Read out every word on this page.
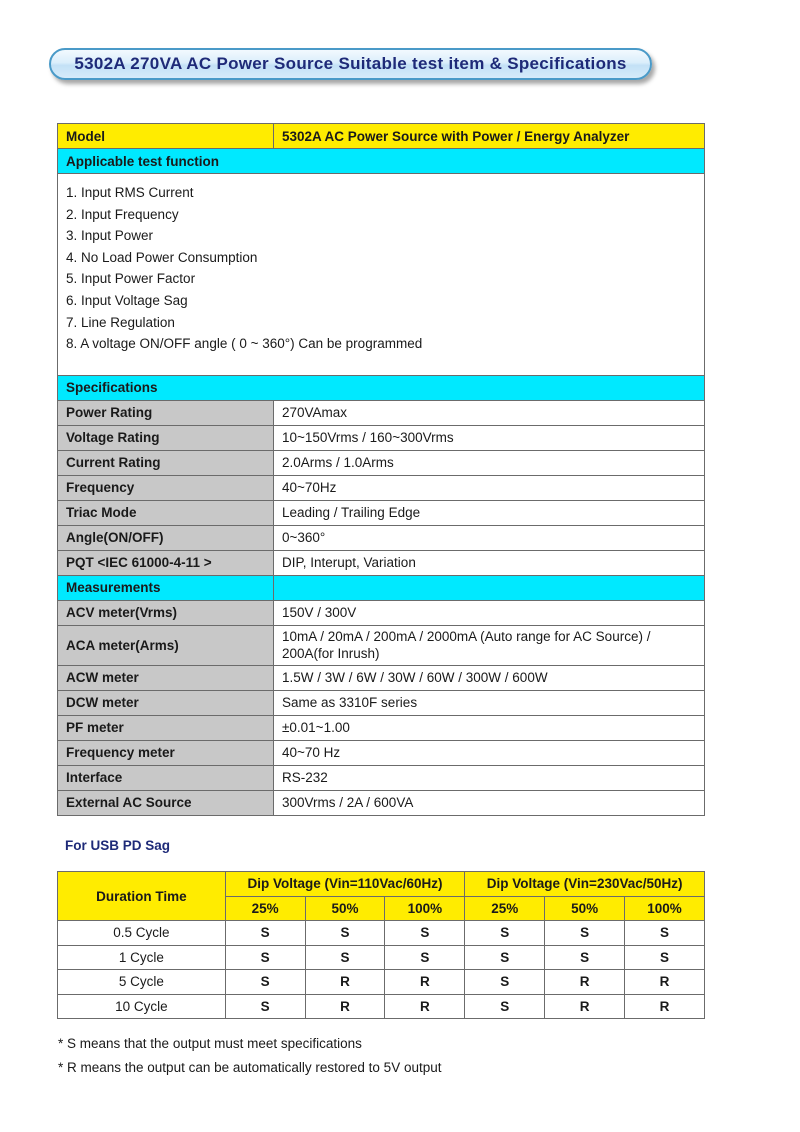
5302A 270VA AC Power Source Suitable test item & Specifications
Model	5302A AC Power Source with Power / Energy Analyzer
Applicable test function	

1. Input RMS Current
2. Input Frequency
3. Input Power
4. No Load Power Consumption
5. Input Power Factor
6. Input Voltage Sag
7. Line Regulation
8. A voltage ON/OFF angle ( 0 ~ 360°) Can be programmed

Specifications	
Power Rating	270VAmax
Voltage Rating	10~150Vrms / 160~300Vrms
Current Rating	2.0Arms / 1.0Arms
Frequency	40~70Hz
Triac Mode	Leading / Trailing Edge
Angle(ON/OFF)	0~360°
PQT <IEC 61000-4-11 >	DIP, Interupt, Variation
Measurements	
ACV meter(Vrms)	150V / 300V
ACA meter(Arms)	10mA / 20mA / 200mA / 2000mA (Auto range for AC Source) / 200A(for Inrush)
ACW meter	1.5W / 3W / 6W / 30W / 60W / 300W / 600W
DCW meter	Same as 3310F series
PF meter	±0.01~1.00
Frequency meter	40~70 Hz
Interface	RS-232
External AC Source	300Vrms / 2A / 600VA
For USB PD Sag
Duration Time	Dip Voltage (Vin=110Vac/60Hz)			Dip Voltage (Vin=230Vac/50Hz)		
	25%	50%	100%	25%	50%	100%
0.5 Cycle	S	S	S	S	S	S
1 Cycle	S	S	S	S	S	S
5 Cycle	S	R	R	S	R	R
10 Cycle	S	R	R	S	R	R
* S means that the output must meet specifications
* R means the output can be automatically restored to 5V output
